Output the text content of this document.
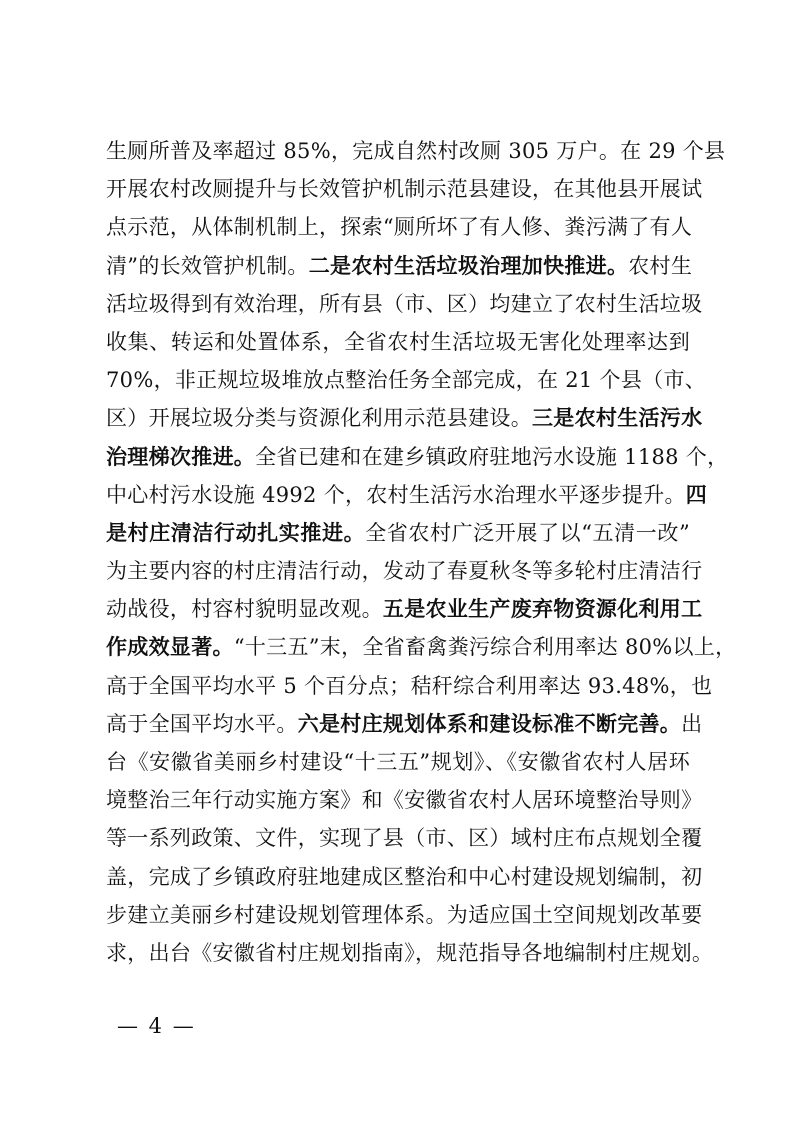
生厕所普及率超过 85%，完成自然村改厕 305 万户。在 29 个县
开展农村改厕提升与长效管护机制示范县建设，在其他县开展试
点示范，从体制机制上，探索“厕所坏了有人修、粪污满了有人
清”的长效管护机制。二是农村生活垃圾治理加快推进。农村生
活垃圾得到有效治理，所有县（市、区）均建立了农村生活垃圾
收集、转运和处置体系，全省农村生活垃圾无害化处理率达到
70%，非正规垃圾堆放点整治任务全部完成，在 21 个县（市、
区）开展垃圾分类与资源化利用示范县建设。三是农村生活污水
治理梯次推进。全省已建和在建乡镇政府驻地污水设施 1188 个，
中心村污水设施 4992 个，农村生活污水治理水平逐步提升。四
是村庄清洁行动扎实推进。全省农村广泛开展了以“五清一改”
为主要内容的村庄清洁行动，发动了春夏秋冬等多轮村庄清洁行
动战役，村容村貌明显改观。五是农业生产废弃物资源化利用工
作成效显著。“十三五”末，全省畜禽粪污综合利用率达 80%以上，
高于全国平均水平 5 个百分点；秸秆综合利用率达 93.48%，也
高于全国平均水平。六是村庄规划体系和建设标准不断完善。出
台《安徽省美丽乡村建设“十三五”规划》、《安徽省农村人居环
境整治三年行动实施方案》和《安徽省农村人居环境整治导则》
等一系列政策、文件，实现了县（市、区）域村庄布点规划全覆
盖，完成了乡镇政府驻地建成区整治和中心村建设规划编制，初
步建立美丽乡村建设规划管理体系。为适应国土空间规划改革要
求，出台《安徽省村庄规划指南》，规范指导各地编制村庄规划。
— 4 —
